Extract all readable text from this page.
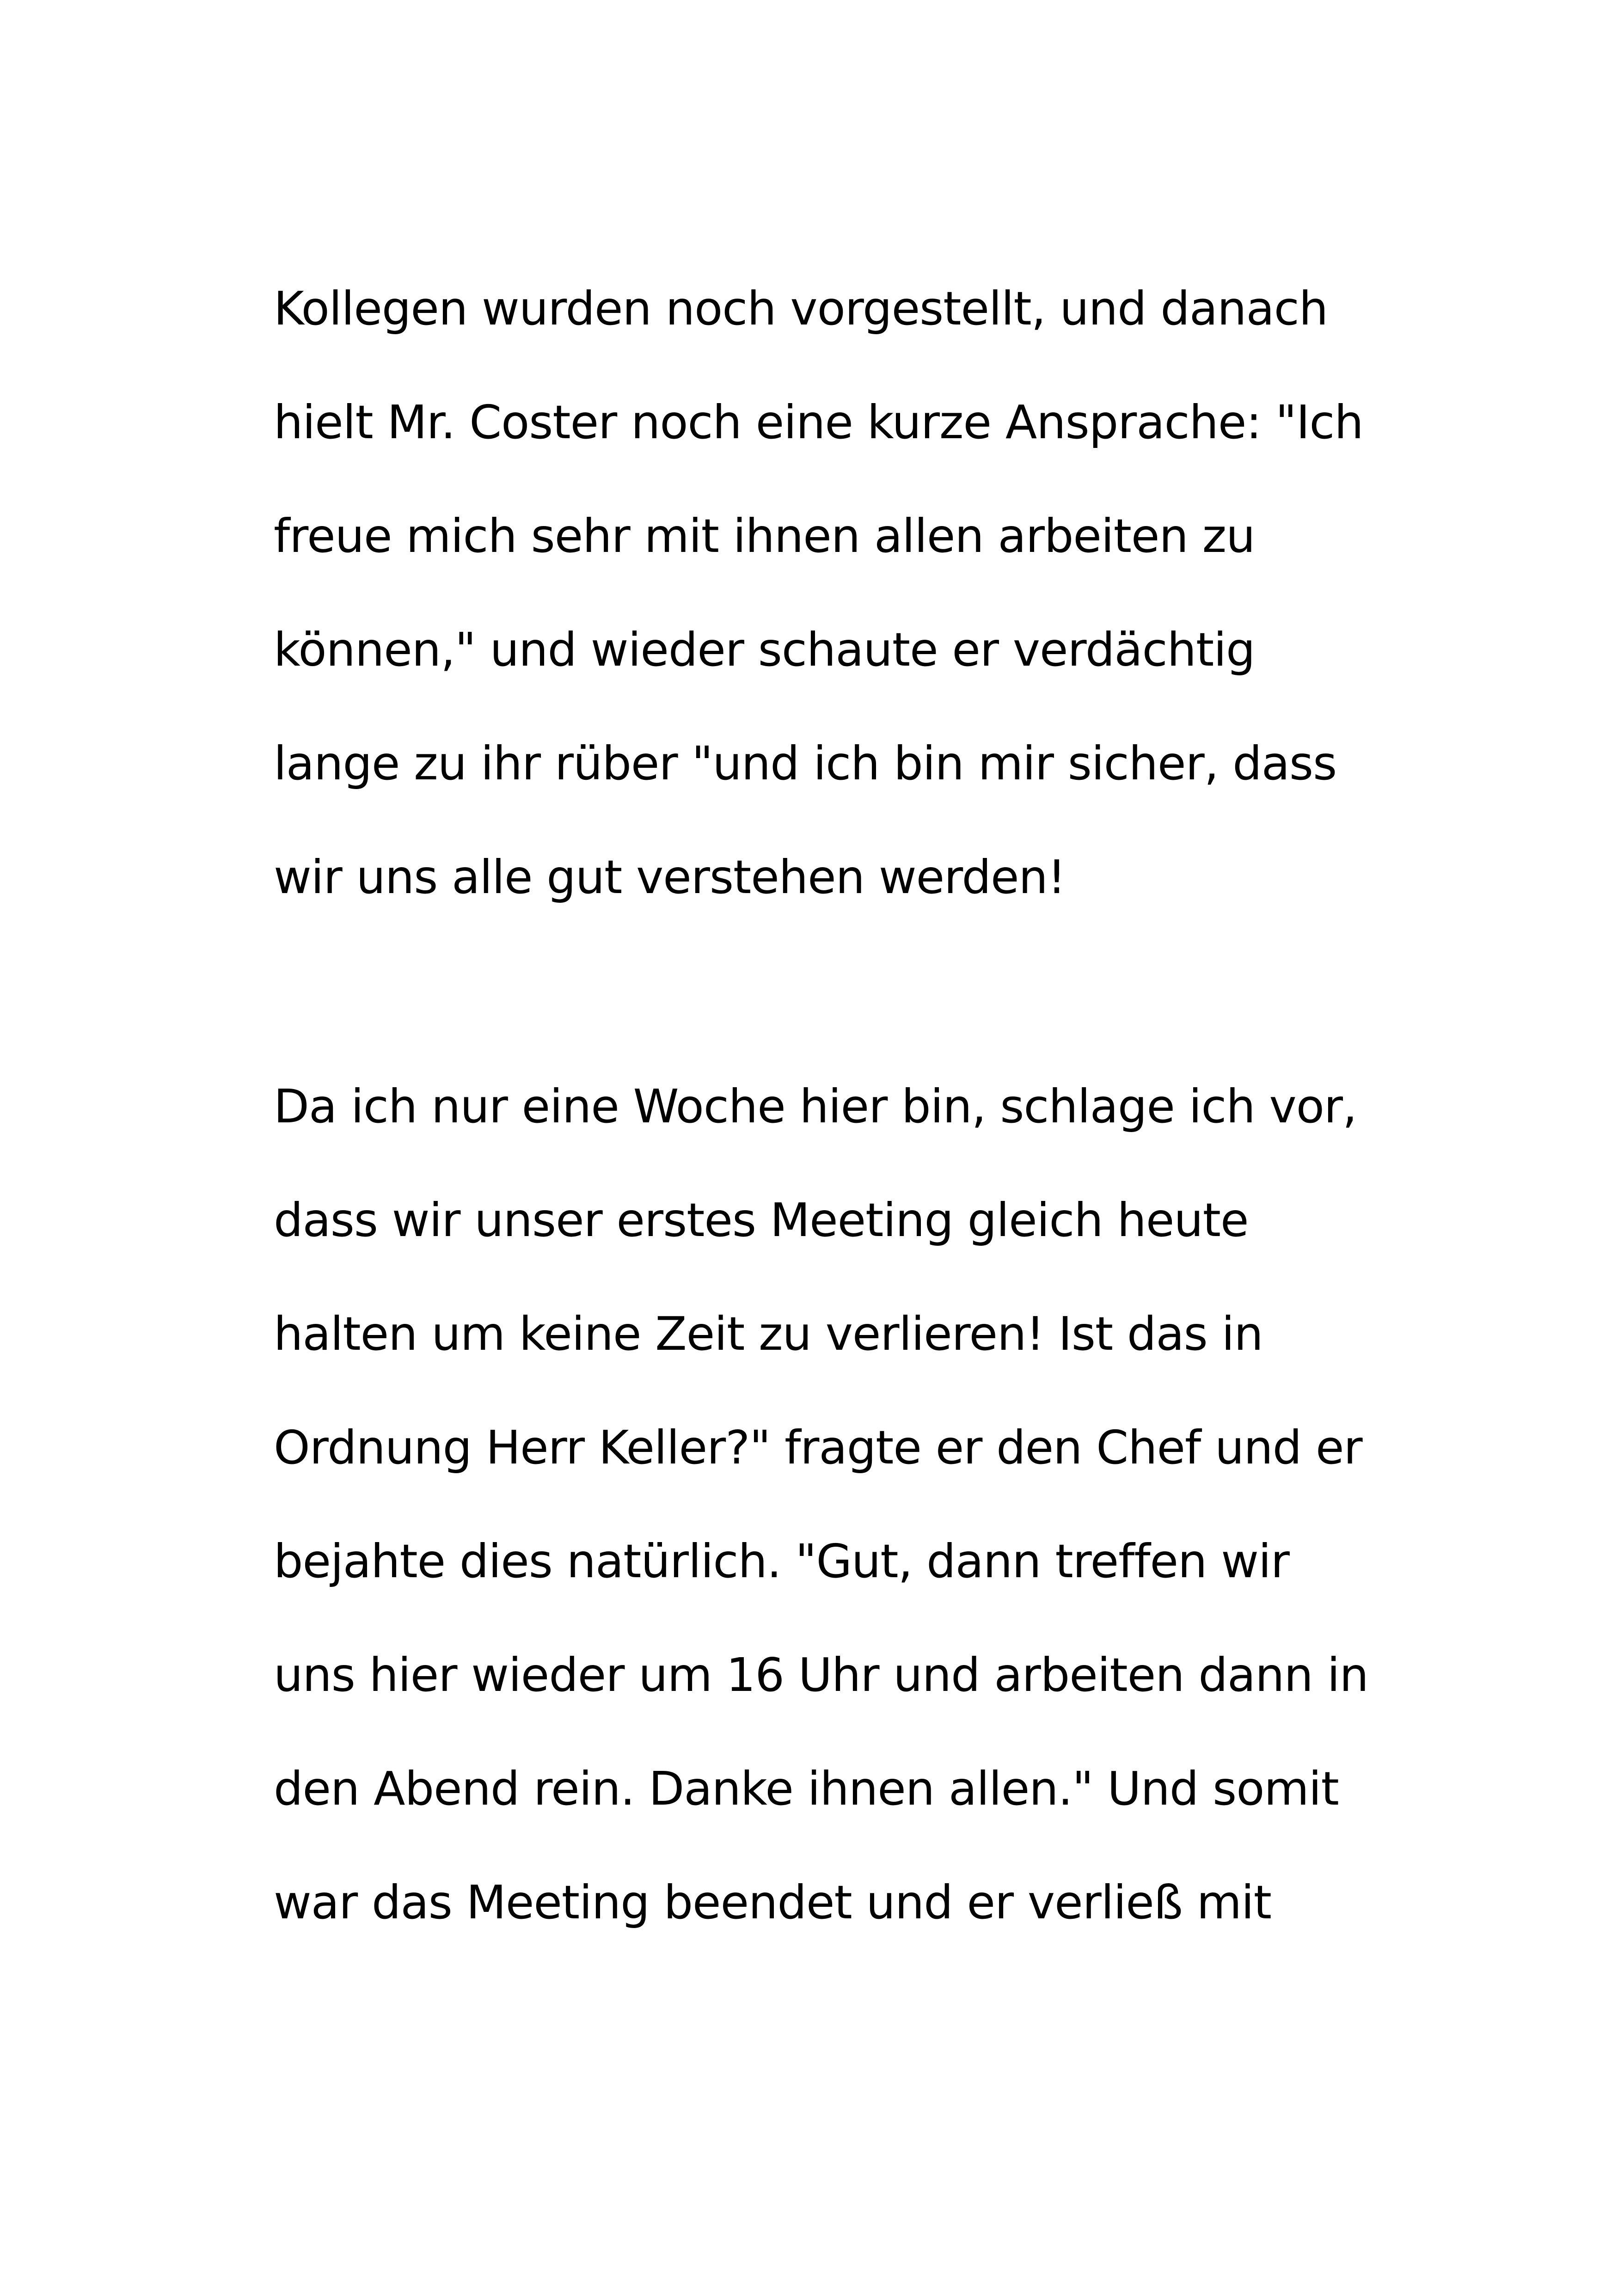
Kollegen wurden noch vorgestellt, und danach
hielt Mr. Coster noch eine kurze Ansprache: "Ich
freue mich sehr mit ihnen allen arbeiten zu
können," und wieder schaute er verdächtig
lange zu ihr rüber "und ich bin mir sicher, dass
wir uns alle gut verstehen werden!
Da ich nur eine Woche hier bin, schlage ich vor,
dass wir unser erstes Meeting gleich heute
halten um keine Zeit zu verlieren! Ist das in
Ordnung Herr Keller?" fragte er den Chef und er
bejahte dies natürlich. "Gut, dann treffen wir
uns hier wieder um 16 Uhr und arbeiten dann in
den Abend rein. Danke ihnen allen." Und somit
war das Meeting beendet und er verließ mit
